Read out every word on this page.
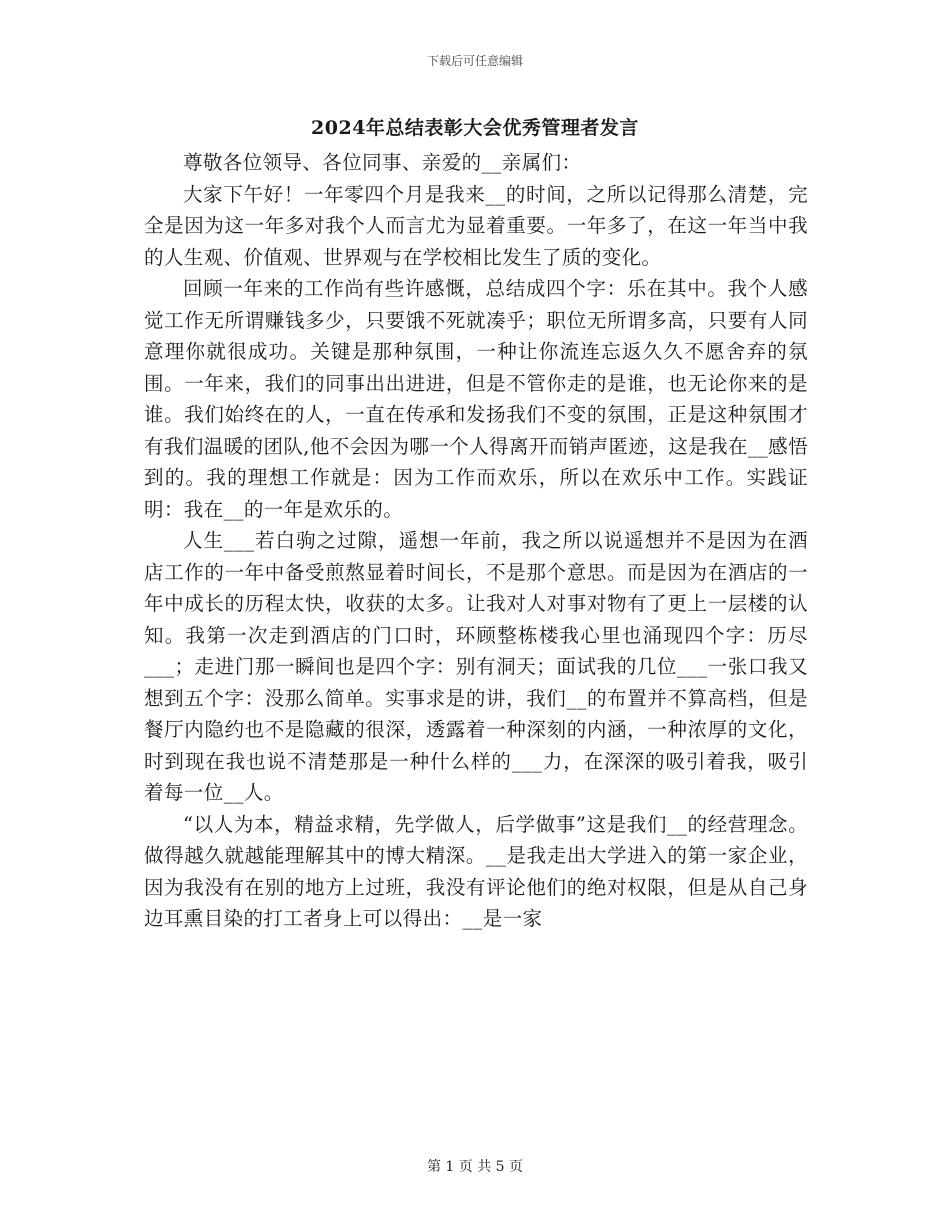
下载后可任意编辑
2024年总结表彰大会优秀管理者发言

尊敬各位领导、各位同事、亲爱的__亲属们：

大家下午好！一年零四个月是我来__的时间，之所以记得那么清楚，完全是因为这一年多对我个人而言尤为显着重要。一年多了，在这一年当中我的人生观、价值观、世界观与在学校相比发生了质的变化。

回顾一年来的工作尚有些许感慨，总结成四个字：乐在其中。我个人感觉工作无所谓赚钱多少，只要饿不死就凑乎；职位无所谓多高，只要有人同意理你就很成功。关键是那种氛围，一种让你流连忘返久久不愿舍弃的氛围。一年来，我们的同事出出进进，但是不管你走的是谁，也无论你来的是谁。我们始终在的人，一直在传承和发扬我们不变的氛围，正是这种氛围才有我们温暖的团队,他不会因为哪一个人得离开而销声匿迹，这是我在__感悟到的。我的理想工作就是：因为工作而欢乐，所以在欢乐中工作。实践证明：我在__的一年是欢乐的。

人生___若白驹之过隙，遥想一年前，我之所以说遥想并不是因为在酒店工作的一年中备受煎熬显着时间长，不是那个意思。而是因为在酒店的一年中成长的历程太快，收获的太多。让我对人对事对物有了更上一层楼的认知。我第一次走到酒店的门口时，环顾整栋楼我心里也涌现四个字：历尽___；走进门那一瞬间也是四个字：别有洞天；面试我的几位___一张口我又想到五个字：没那么简单。实事求是的讲，我们__的布置并不算高档，但是餐厅内隐约也不是隐藏的很深，透露着一种深刻的内涵，一种浓厚的文化，时到现在我也说不清楚那是一种什么样的___力，在深深的吸引着我，吸引着每一位__人。

“以人为本，精益求精，先学做人，后学做事”这是我们__的经营理念。做得越久就越能理解其中的博大精深。__是我走出大学进入的第一家企业，因为我没有在别的地方上过班，我没有评论他们的绝对权限，但是从自己身边耳熏目染的打工者身上可以得出：__是一家

第 1 页 共 5 页
